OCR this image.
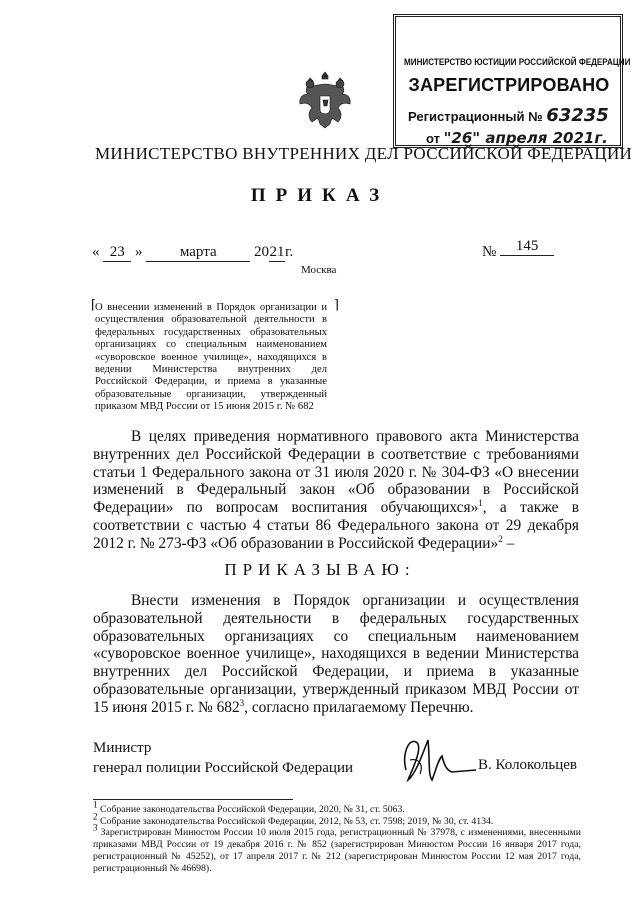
МИНИСТЕРСТВО ЮСТИЦИИ РОССИЙСКОЙ ФЕДЕРАЦИИ
ЗАРЕГИСТРИРОВАНО
Регистрационный № 63235
от "26" апреля 2021г.
МИНИСТЕРСТВО ВНУТРЕННИХ ДЕЛ РОССИЙСКОЙ ФЕДЕРАЦИИ
ПРИКАЗ
« 23 » марта 2021г.	№ 145
Москва
⌈	⌉
О внесении изменений в Порядок организации и осуществления образовательной деятельности в федеральных государственных образовательных организациях со специальным наименованием «суворовское военное училище», находящихся в ведении Министерства внутренних дел Российской Федерации, и приема в указанные образовательные организации, утвержденный приказом МВД России от 15 июня 2015 г. № 682

В целях приведения нормативного правового акта Министерства внутренних дел Российской Федерации в соответствие с требованиями статьи 1 Федерального закона от 31 июля 2020 г. № 304-ФЗ «О внесении изменений в Федеральный закон «Об образовании в Российской Федерации» по вопросам воспитания обучающихся»$^1$, а также в соответствии с частью 4 статьи 86 Федерального закона от 29 декабря 2012 г. № 273-ФЗ «Об образовании в Российской Федерации»$^2$ –

ПРИКАЗЫВАЮ:

Внести изменения в Порядок организации и осуществления образовательной деятельности в федеральных государственных образовательных организациях со специальным наименованием «суворовское военное училище», находящихся в ведении Министерства внутренних дел Российской Федерации, и приема в указанные образовательные организации, утвержденный приказом МВД России от 15 июня 2015 г. № $682^3$, согласно прилагаемому Перечню.

Министр
генерал полиции Российской Федерации	В. Колокольцев
$^1$ Собрание законодательства Российской Федерации, 2020, № 31, ст. 5063.
$^2$ Собрание законодательства Российской Федерации, 2012, № 53, ст. 7598; 2019, № 30, ст. 4134.
$^3$ Зарегистрирован Минюстом России 10 июля 2015 года, регистрационный № 37978, с изменениями, внесенными приказами МВД России от 19 декабря 2016 г. № 852 (зарегистрирован Минюстом России 16 января 2017 года, регистрационный № 45252), от 17 апреля 2017 г. № 212 (зарегистрирован Минюстом России 12 мая 2017 года, регистрационный № 46698).
